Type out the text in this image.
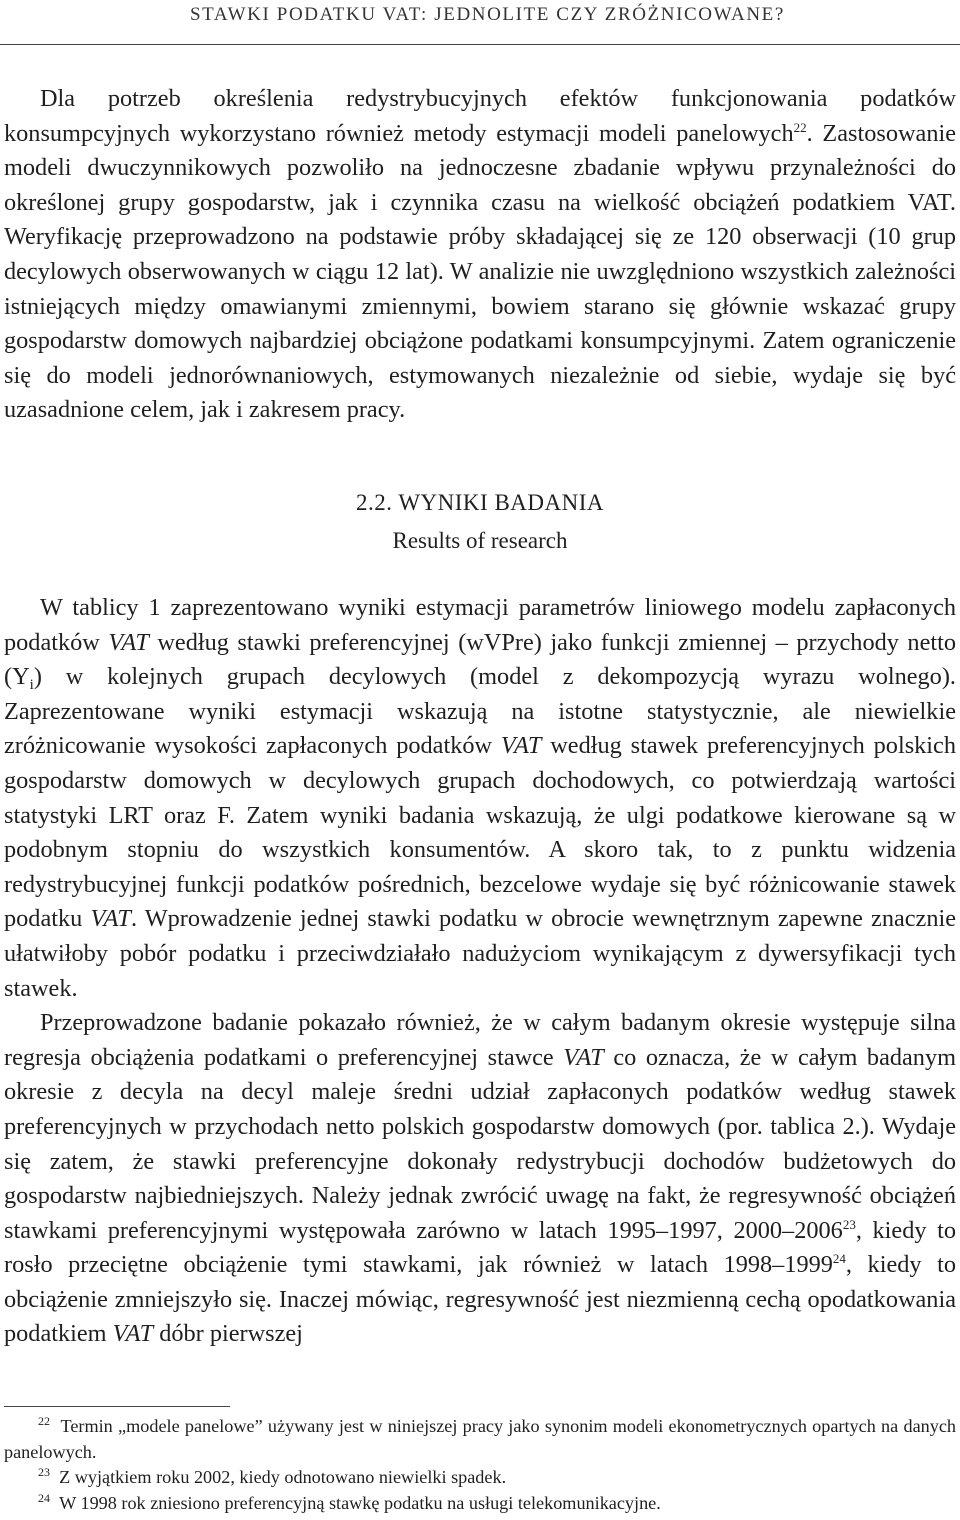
STAWKI PODATKU VAT: JEDNOLITE CZY ZRÓŻNICOWANE?

Dla potrzeb określenia redystrybucyjnych efektów funkcjonowania podatków konsumpcyjnych wykorzystano również metody estymacji modeli panelowych$^{22}$. Zastosowanie modeli dwuczynnikowych pozwoliło na jednoczesne zbadanie wpływu przynależności do określonej grupy gospodarstw, jak i czynnika czasu na wielkość obciążeń podatkiem VAT. Weryfikację przeprowadzono na podstawie próby składającej się ze 120 obserwacji (10 grup decylowych obserwowanych w ciągu 12 lat). W analizie nie uwzględniono wszystkich zależności istniejących między omawianymi zmiennymi, bowiem starano się głównie wskazać grupy gospodarstw domowych najbardziej obciążone podatkami konsumpcyjnymi. Zatem ograniczenie się do modeli jednorównaniowych, estymowanych niezależnie od siebie, wydaje się być uzasadnione celem, jak i zakresem pracy.

2.2. WYNIKI BADANIA
Results of research

W tablicy 1 zaprezentowano wyniki estymacji parametrów liniowego modelu zapłaconych podatków VAT według stawki preferencyjnej (wVPre) jako funkcji zmiennej – przychody netto $(Y_i)$ w kolejnych grupach decylowych (model z dekompozycją wyrazu wolnego). Zaprezentowane wyniki estymacji wskazują na istotne statystycznie, ale niewielkie zróżnicowanie wysokości zapłaconych podatków VAT według stawek preferencyjnych polskich gospodarstw domowych w decylowych grupach dochodowych, co potwierdzają wartości statystyki LRT oraz F. Zatem wyniki badania wskazują, że ulgi podatkowe kierowane są w podobnym stopniu do wszystkich konsumentów. A skoro tak, to z punktu widzenia redystrybucyjnej funkcji podatków pośrednich, bezcelowe wydaje się być różnicowanie stawek podatku VAT. Wprowadzenie jednej stawki podatku w obrocie wewnętrznym zapewne znacznie ułatwiłoby pobór podatku i przeciwdziałało nadużyciom wynikającym z dywersyfikacji tych stawek.

Przeprowadzone badanie pokazało również, że w całym badanym okresie występuje silna regresja obciążenia podatkami o preferencyjnej stawce VAT co oznacza, że w całym badanym okresie z decyla na decyl maleje średni udział zapłaconych podatków według stawek preferencyjnych w przychodach netto polskich gospodarstw domowych (por. tablica 2.). Wydaje się zatem, że stawki preferencyjne dokonały redystrybucji dochodów budżetowych do gospodarstw najbiedniejszych. Należy jednak zwrócić uwagę na fakt, że regresywność obciążeń stawkami preferencyjnymi występowała zarówno w latach 1995–1997, 2000–2006$^{23}$, kiedy to rosło przeciętne obciążenie tymi stawkami, jak również w latach 1998–1999$^{24}$, kiedy to obciążenie zmniejszyło się. Inaczej mówiąc, regresywność jest niezmienną cechą opodatkowania podatkiem VAT dóbr pierwszej

$^{22}$ Termin „modele panelowe” używany jest w niniejszej pracy jako synonim modeli ekonometrycznych opartych na danych panelowych.

$^{23}$ Z wyjątkiem roku 2002, kiedy odnotowano niewielki spadek.

$^{24}$ W 1998 rok zniesiono preferencyjną stawkę podatku na usługi telekomunikacyjne.
